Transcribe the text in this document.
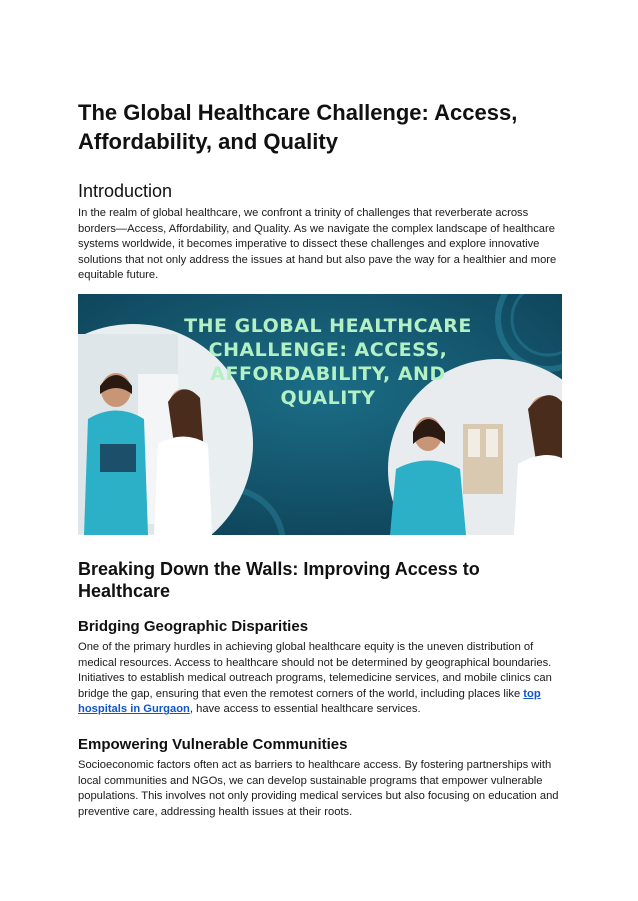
The Global Healthcare Challenge: Access,
Affordability, and Quality
Introduction

In the realm of global healthcare, we confront a trinity of challenges that reverberate across borders—Access, Affordability, and Quality. As we navigate the complex landscape of healthcare systems worldwide, it becomes imperative to dissect these challenges and explore innovative solutions that not only address the issues at hand but also pave the way for a healthier and more equitable future.

THE GLOBAL HEALTHCARE
CHALLENGE: ACCESS,
AFFORDABILITY, AND
QUALITY
Breaking Down the Walls: Improving Access to Healthcare
Bridging Geographic Disparities

One of the primary hurdles in achieving global healthcare equity is the uneven distribution of medical resources. Access to healthcare should not be determined by geographical boundaries. Initiatives to establish medical outreach programs, telemedicine services, and mobile clinics can bridge the gap, ensuring that even the remotest corners of the world, including places like top hospitals in Gurgaon, have access to essential healthcare services.

Empowering Vulnerable Communities

Socioeconomic factors often act as barriers to healthcare access. By fostering partnerships with local communities and NGOs, we can develop sustainable programs that empower vulnerable populations. This involves not only providing medical services but also focusing on education and preventive care, addressing health issues at their roots.
